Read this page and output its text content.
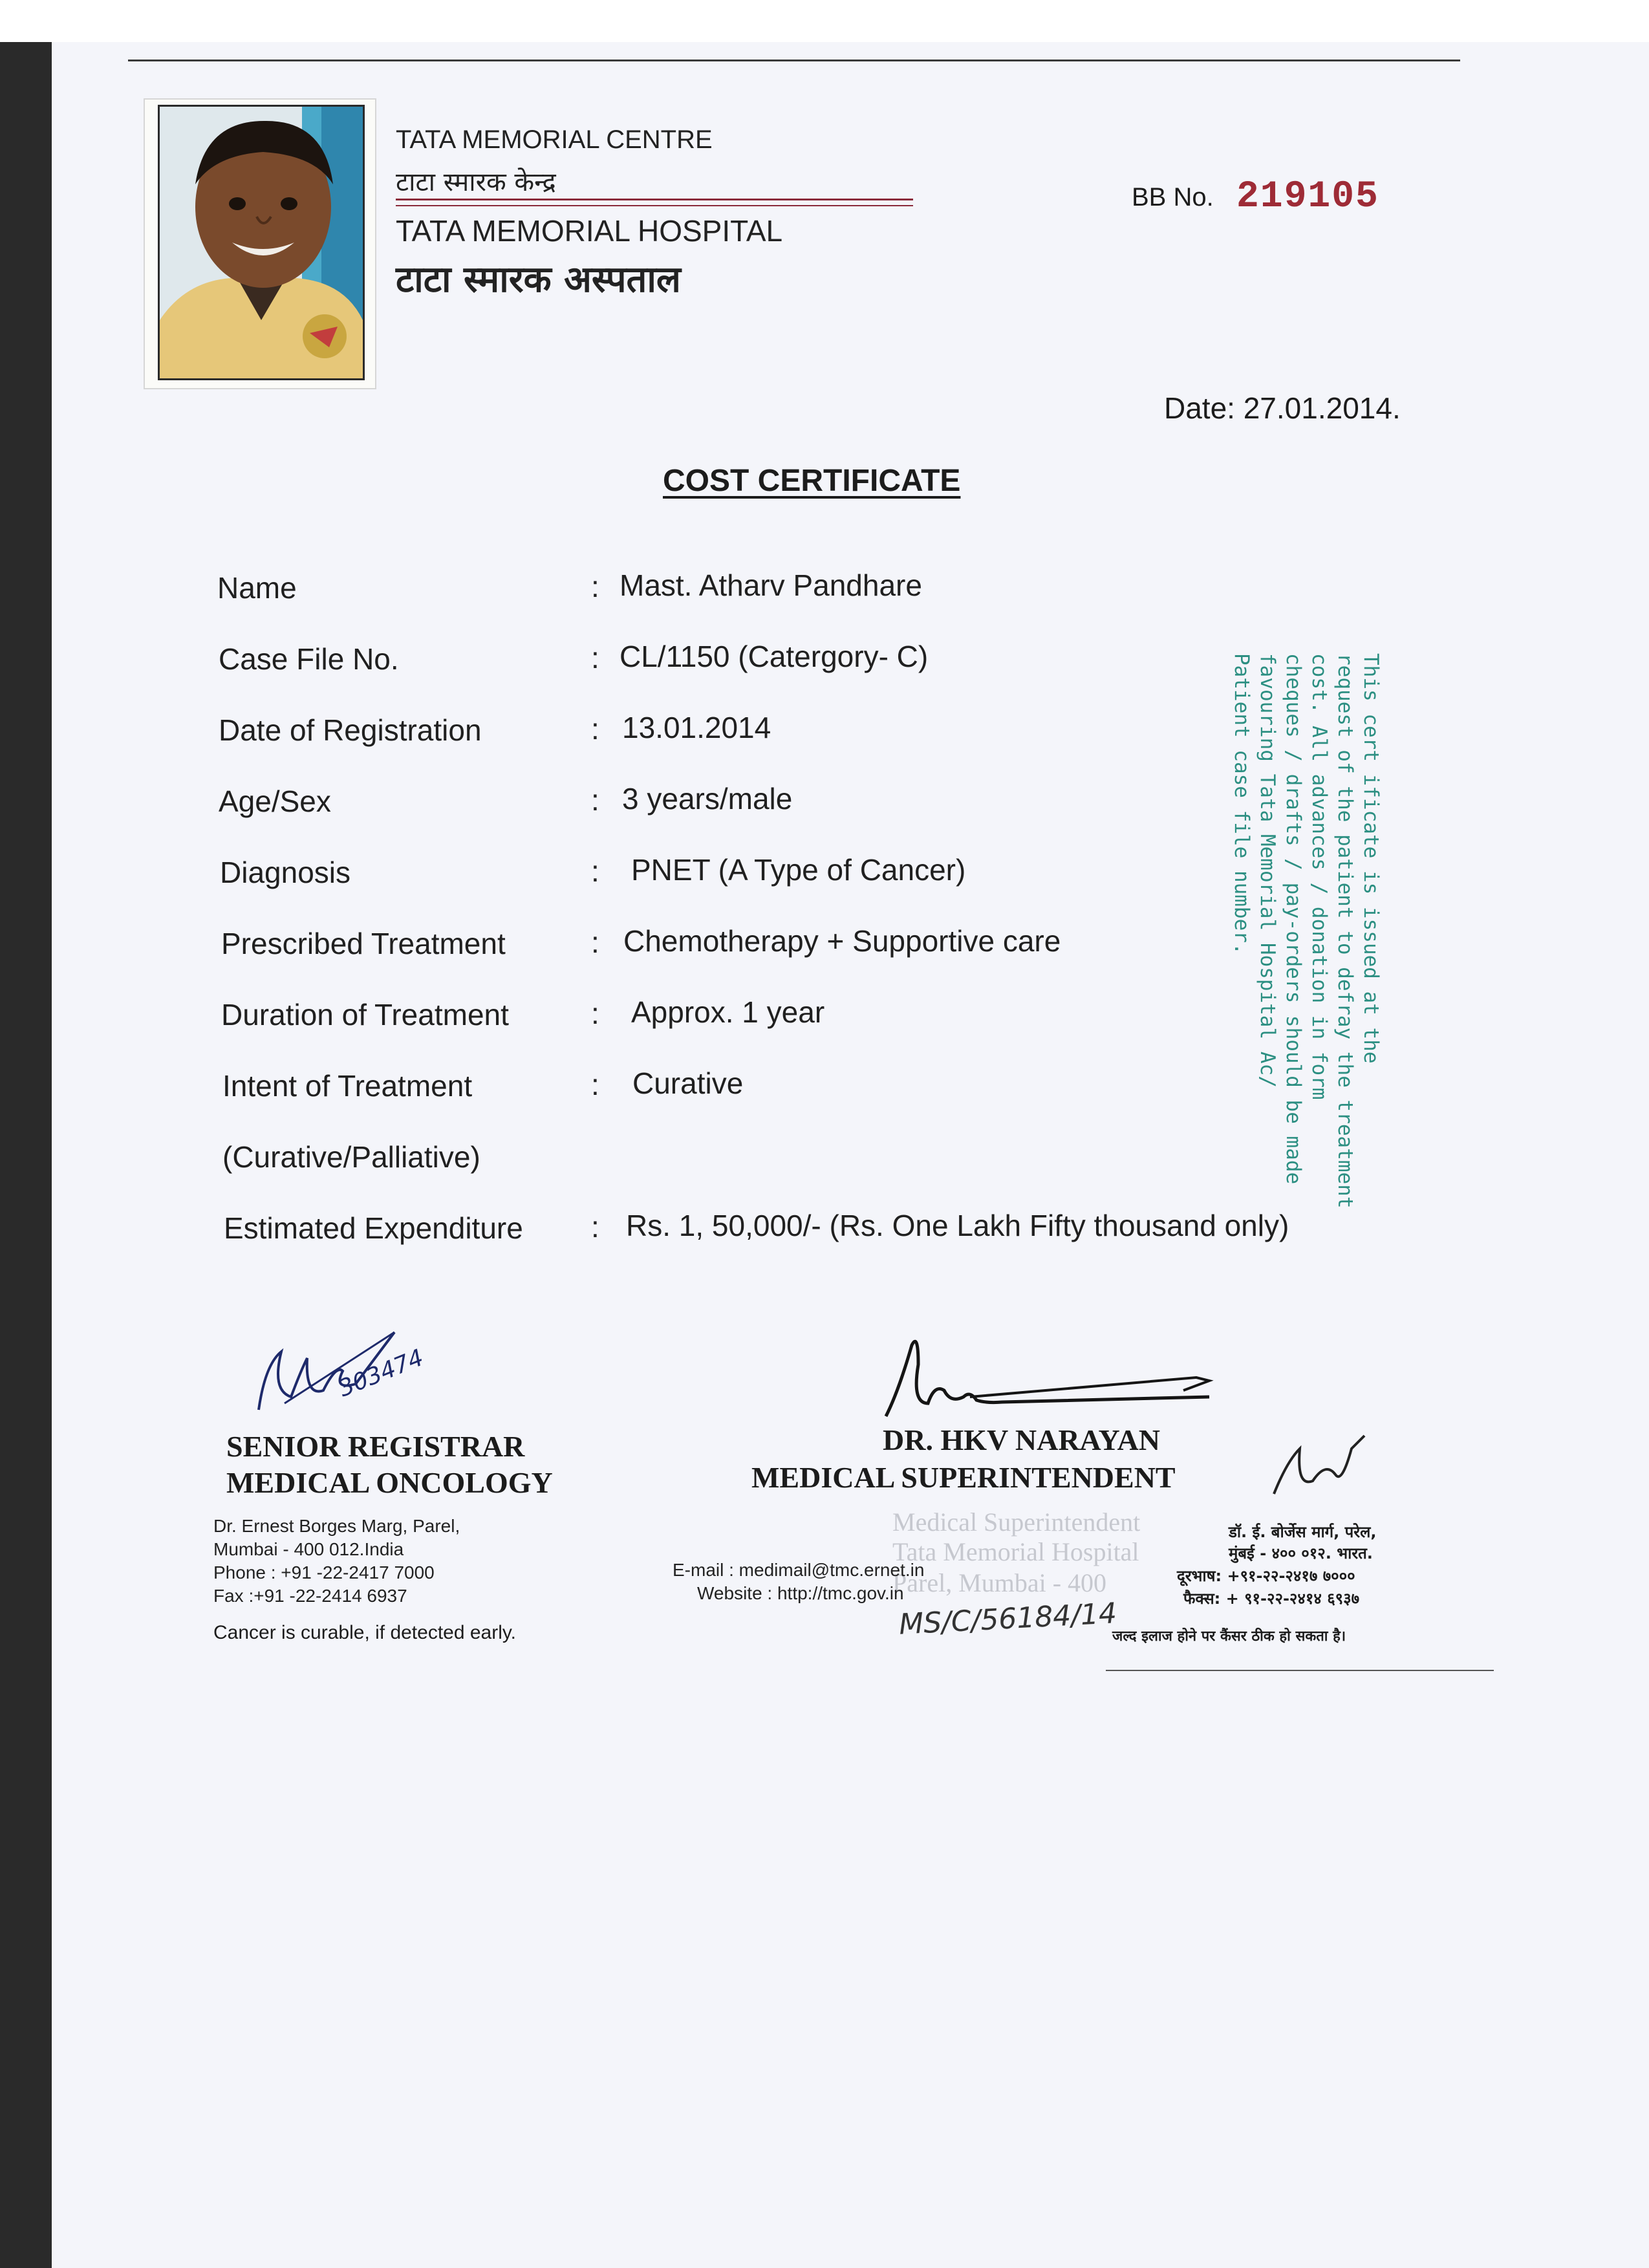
TATA MEMORIAL CENTRE
टाटा स्मारक केन्द्र
TATA MEMORIAL HOSPITAL
टाटा स्मारक अस्पताल
BB No. 219105
Date: 27.01.2014.
COST CERTIFICATE
Name	: Mast. Atharv Pandhare
Case File No.	: CL/1150 (Catergory- C)
Date of Registration	: 13.01.2014
Age/Sex	: 3 years/male
Diagnosis	: PNET (A Type of Cancer)
Prescribed Treatment	: Chemotherapy + Supportive care
Duration of Treatment	: Approx. 1 year
Intent of Treatment	: Curative
(Curative/Palliative)
Estimated Expenditure : Rs. 1, 50,000/- (Rs. One Lakh Fifty thousand only)
This cert ificate is issued at the
request of the patient to defray the treatment
cost. All advances / donation in form
cheques / drafts / pay-orders should be made
favouring Tata Memorial Hospital Ac/
Patient case file number.
303474
SENIOR REGISTRAR
MEDICAL ONCOLOGY
DR. HKV NARAYAN
MEDICAL SUPERINTENDENT
Medical Superintendent
Tata Memorial Hospital
Parel, Mumbai - 400
Dr. Ernest Borges Marg, Parel,
Mumbai - 400 012.India
Phone : +91 -22-2417 7000
Fax :+91 -22-2414 6937
Cancer is curable, if detected early.
E-mail : medimail@tmc.ernet.in
Website : http://tmc.gov.in
डॉ. ई. बोर्जेस मार्ग, परेल,
मुंबई - ४०० ०१२. भारत.
दूरभाष: +९१-२२-२४१७ ७०००
फैक्स: + ९१-२२-२४१४ ६९३७
जल्द इलाज होने पर कैंसर ठीक हो सकता है।
MS/C/56184/14
